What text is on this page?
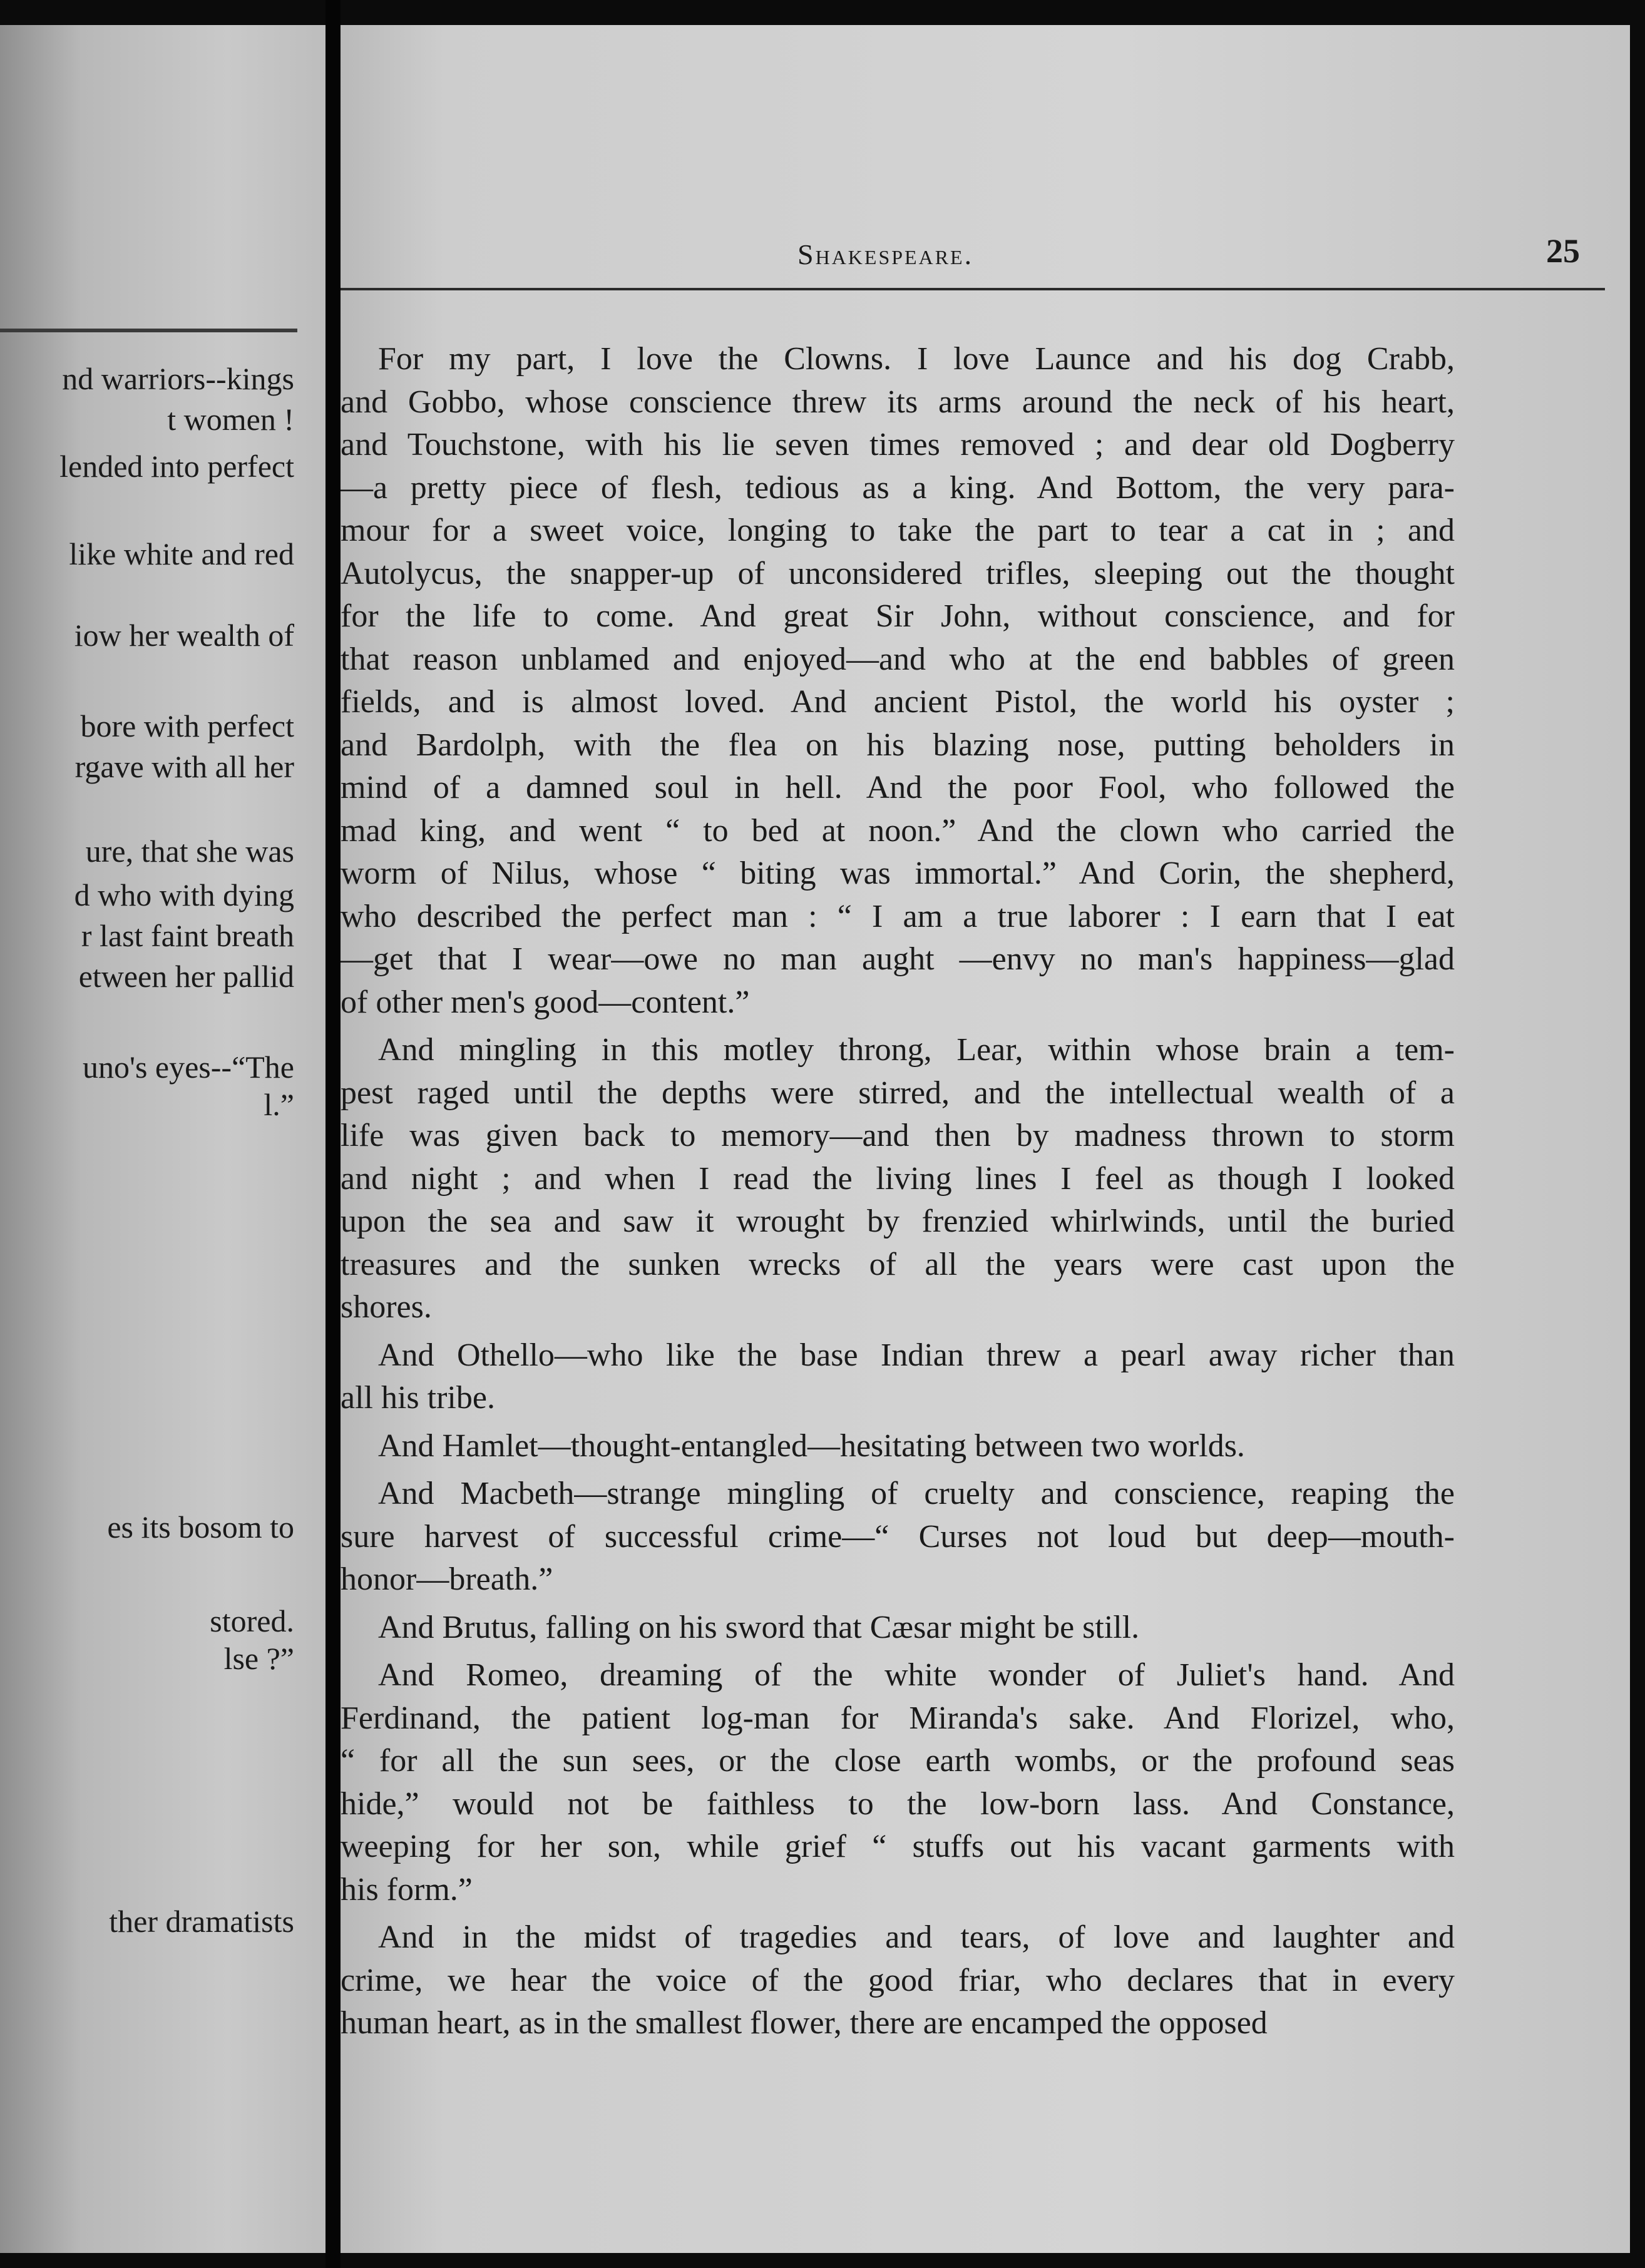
nd warriors--kings
t women !
lended into perfect
like white and red
iow her wealth of
bore with perfect
rgave with all her
ure, that she was
d who with dying
r last faint breath
etween her pallid
uno's eyes--“The
l.”
es its bosom to
stored.
lse ?”
ther dramatists
Shakespeare.	25
For my part, I love the Clowns. I love Launce and his dog Crabb,
and Gobbo, whose conscience threw its arms around the neck of his heart,
and Touchstone, with his lie seven times removed ; and dear old Dogberry
—a pretty piece of flesh, tedious as a king. And Bottom, the very para-
mour for a sweet voice, longing to take the part to tear a cat in ; and
Autolycus, the snapper-up of unconsidered trifles, sleeping out the thought
for the life to come. And great Sir John, without conscience, and for
that reason unblamed and enjoyed—and who at the end babbles of green
fields, and is almost loved. And ancient Pistol, the world his oyster ;
and Bardolph, with the flea on his blazing nose, putting beholders in
mind of a damned soul in hell. And the poor Fool, who followed the
mad king, and went “ to bed at noon.” And the clown who carried the
worm of Nilus, whose “ biting was immortal.” And Corin, the shepherd,
who described the perfect man : “ I am a true laborer : I earn that I eat
—get that I wear—owe no man aught —envy no man's happiness—glad
of other men's good—content.”
And mingling in this motley throng, Lear, within whose brain a tem-
pest raged until the depths were stirred, and the intellectual wealth of a
life was given back to memory—and then by madness thrown to storm
and night ; and when I read the living lines I feel as though I looked
upon the sea and saw it wrought by frenzied whirlwinds, until the buried
treasures and the sunken wrecks of all the years were cast upon the
shores.
And Othello—who like the base Indian threw a pearl away richer than
all his tribe.
And Hamlet—thought-entangled—hesitating between two worlds.
And Macbeth—strange mingling of cruelty and conscience, reaping the
sure harvest of successful crime—“ Curses not loud but deep—mouth-
honor—breath.”
And Brutus, falling on his sword that Cæsar might be still.
And Romeo, dreaming of the white wonder of Juliet's hand. And
Ferdinand, the patient log-man for Miranda's sake. And Florizel, who,
“ for all the sun sees, or the close earth wombs, or the profound seas
hide,” would not be faithless to the low-born lass. And Constance,
weeping for her son, while grief “ stuffs out his vacant garments with
his form.”
And in the midst of tragedies and tears, of love and laughter and
crime, we hear the voice of the good friar, who declares that in every
human heart, as in the smallest flower, there are encamped the opposed
